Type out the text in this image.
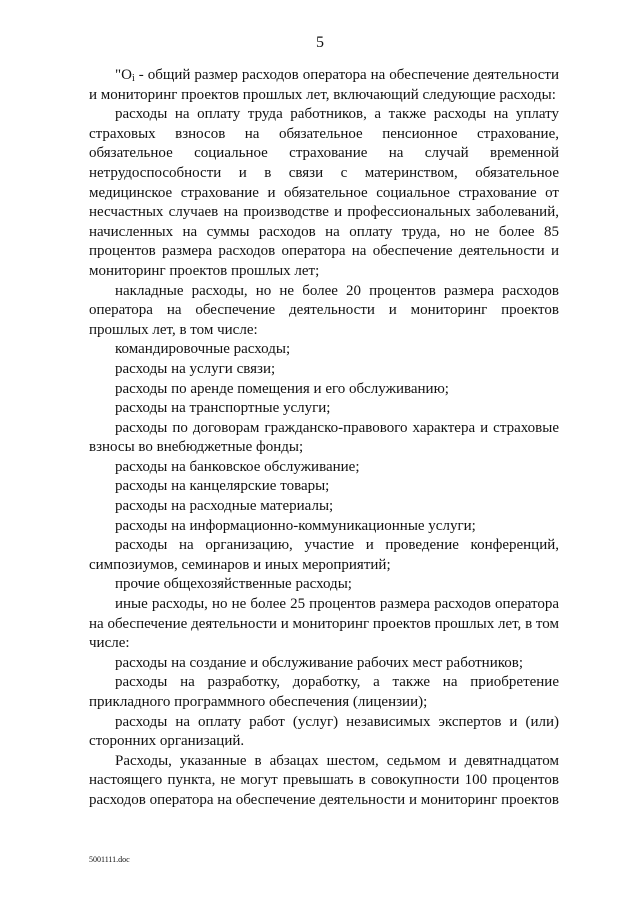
5

"$O_i$ - общий размер расходов оператора на обеспечение деятельности и мониторинг проектов прошлых лет, включающий следующие расходы:

расходы на оплату труда работников, а также расходы на уплату страховых взносов на обязательное пенсионное страхование, обязательное социальное страхование на случай временной нетрудоспособности и в связи с материнством, обязательное медицинское страхование и обязательное социальное страхование от несчастных случаев на производстве и профессиональных заболеваний, начисленных на суммы расходов на оплату труда, но не более 85 процентов размера расходов оператора на обеспечение деятельности и мониторинг проектов прошлых лет;

накладные расходы, но не более 20 процентов размера расходов оператора на обеспечение деятельности и мониторинг проектов прошлых лет, в том числе:

командировочные расходы;

расходы на услуги связи;

расходы по аренде помещения и его обслуживанию;

расходы на транспортные услуги;

расходы по договорам гражданско-правового характера и страховые взносы во внебюджетные фонды;

расходы на банковское обслуживание;

расходы на канцелярские товары;

расходы на расходные материалы;

расходы на информационно-коммуникационные услуги;

расходы на организацию, участие и проведение конференций, симпозиумов, семинаров и иных мероприятий;

прочие общехозяйственные расходы;

иные расходы, но не более 25 процентов размера расходов оператора на обеспечение деятельности и мониторинг проектов прошлых лет, в том числе:

расходы на создание и обслуживание рабочих мест работников;

расходы на разработку, доработку, а также на приобретение прикладного программного обеспечения (лицензии);

расходы на оплату работ (услуг) независимых экспертов и (или) сторонних организаций.

Расходы, указанные в абзацах шестом, седьмом и девятнадцатом настоящего пункта, не могут превышать в совокупности 100 процентов расходов оператора на обеспечение деятельности и мониторинг проектов

5001111.doc
